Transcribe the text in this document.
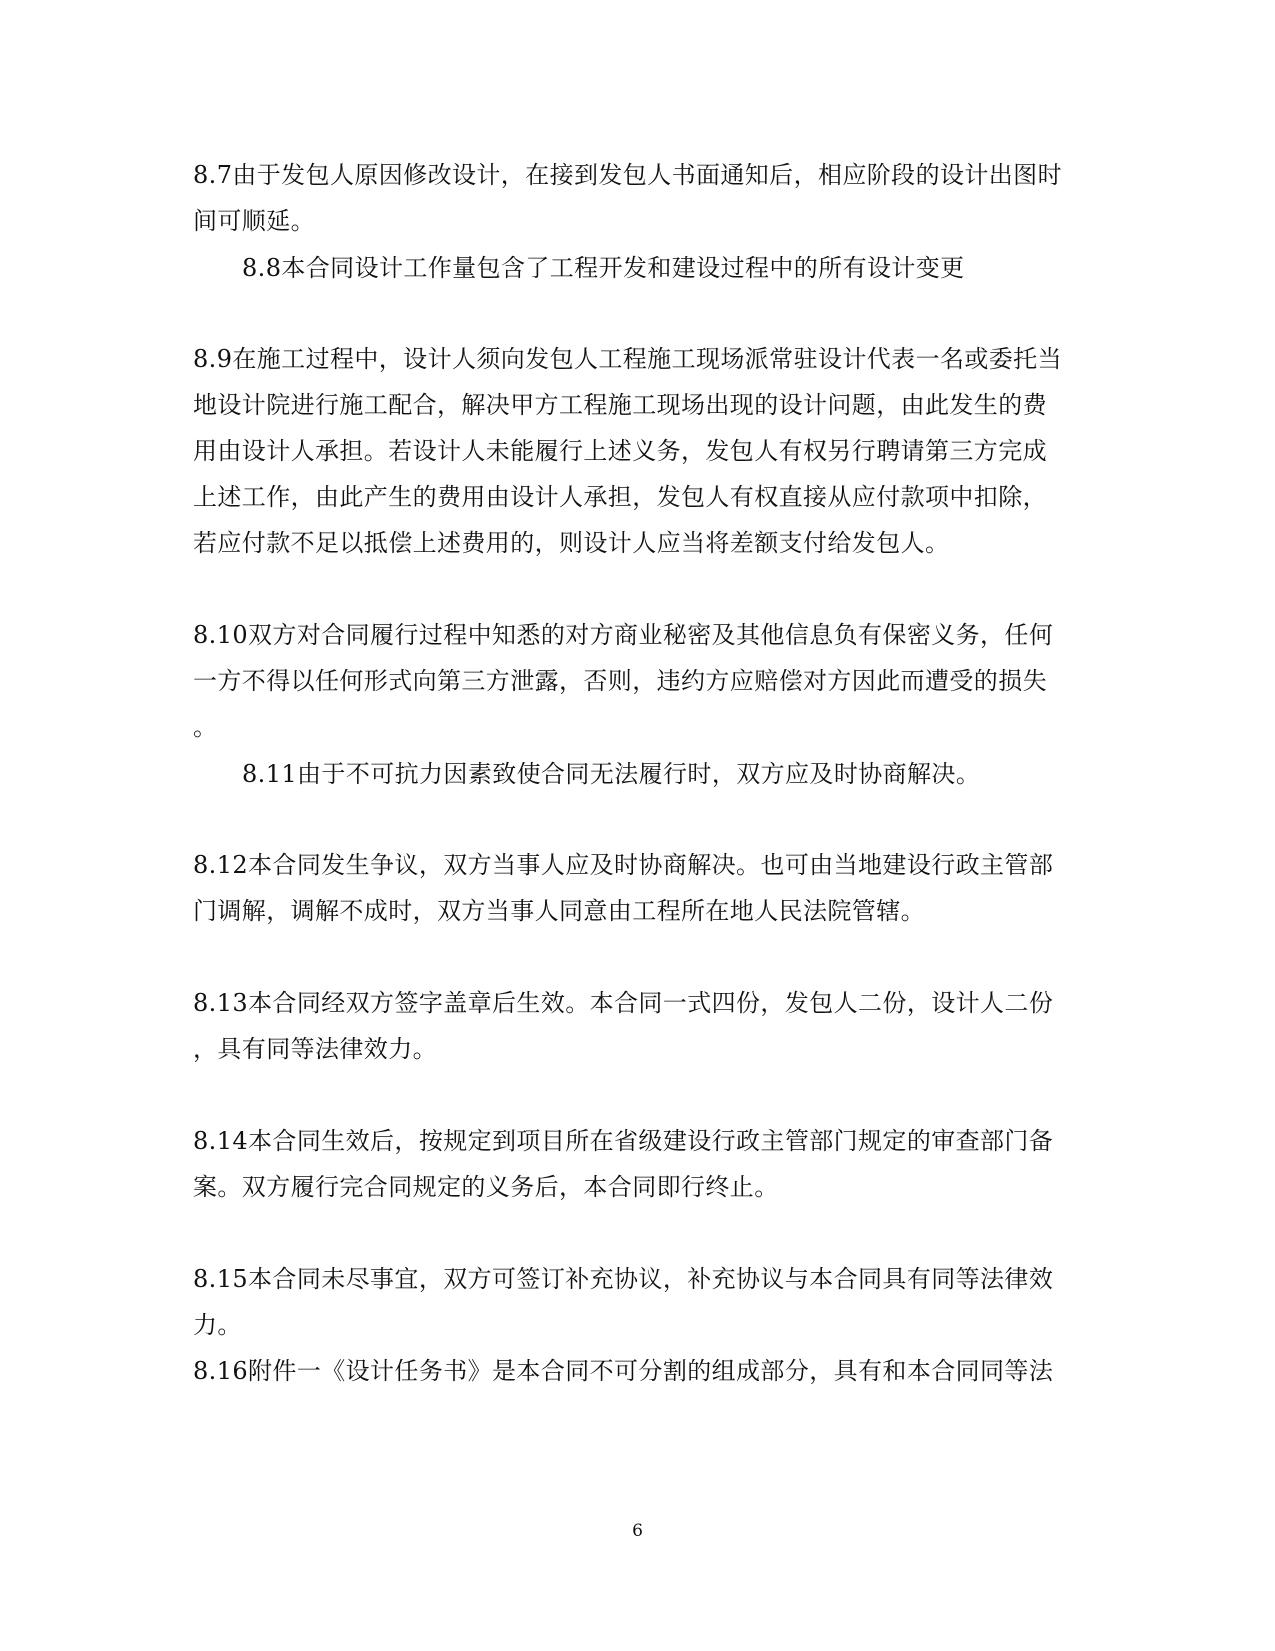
8.7由于发包人原因修改设计，在接到发包人书面通知后，相应阶段的设计出图时
间可顺延。
8.8本合同设计工作量包含了工程开发和建设过程中的所有设计变更
8.9在施工过程中，设计人须向发包人工程施工现场派常驻设计代表一名或委托当
地设计院进行施工配合，解决甲方工程施工现场出现的设计问题，由此发生的费
用由设计人承担。若设计人未能履行上述义务，发包人有权另行聘请第三方完成
上述工作，由此产生的费用由设计人承担，发包人有权直接从应付款项中扣除，
若应付款不足以抵偿上述费用的，则设计人应当将差额支付给发包人。
8.10双方对合同履行过程中知悉的对方商业秘密及其他信息负有保密义务，任何
一方不得以任何形式向第三方泄露，否则，违约方应赔偿对方因此而遭受的损失
。
8.11由于不可抗力因素致使合同无法履行时，双方应及时协商解决。
8.12本合同发生争议，双方当事人应及时协商解决。也可由当地建设行政主管部
门调解，调解不成时，双方当事人同意由工程所在地人民法院管辖。
8.13本合同经双方签字盖章后生效。本合同一式四份，发包人二份，设计人二份
，具有同等法律效力。
8.14本合同生效后，按规定到项目所在省级建设行政主管部门规定的审查部门备
案。双方履行完合同规定的义务后，本合同即行终止。
8.15本合同未尽事宜，双方可签订补充协议，补充协议与本合同具有同等法律效
力。
8.16附件一《设计任务书》是本合同不可分割的组成部分，具有和本合同同等法
6
